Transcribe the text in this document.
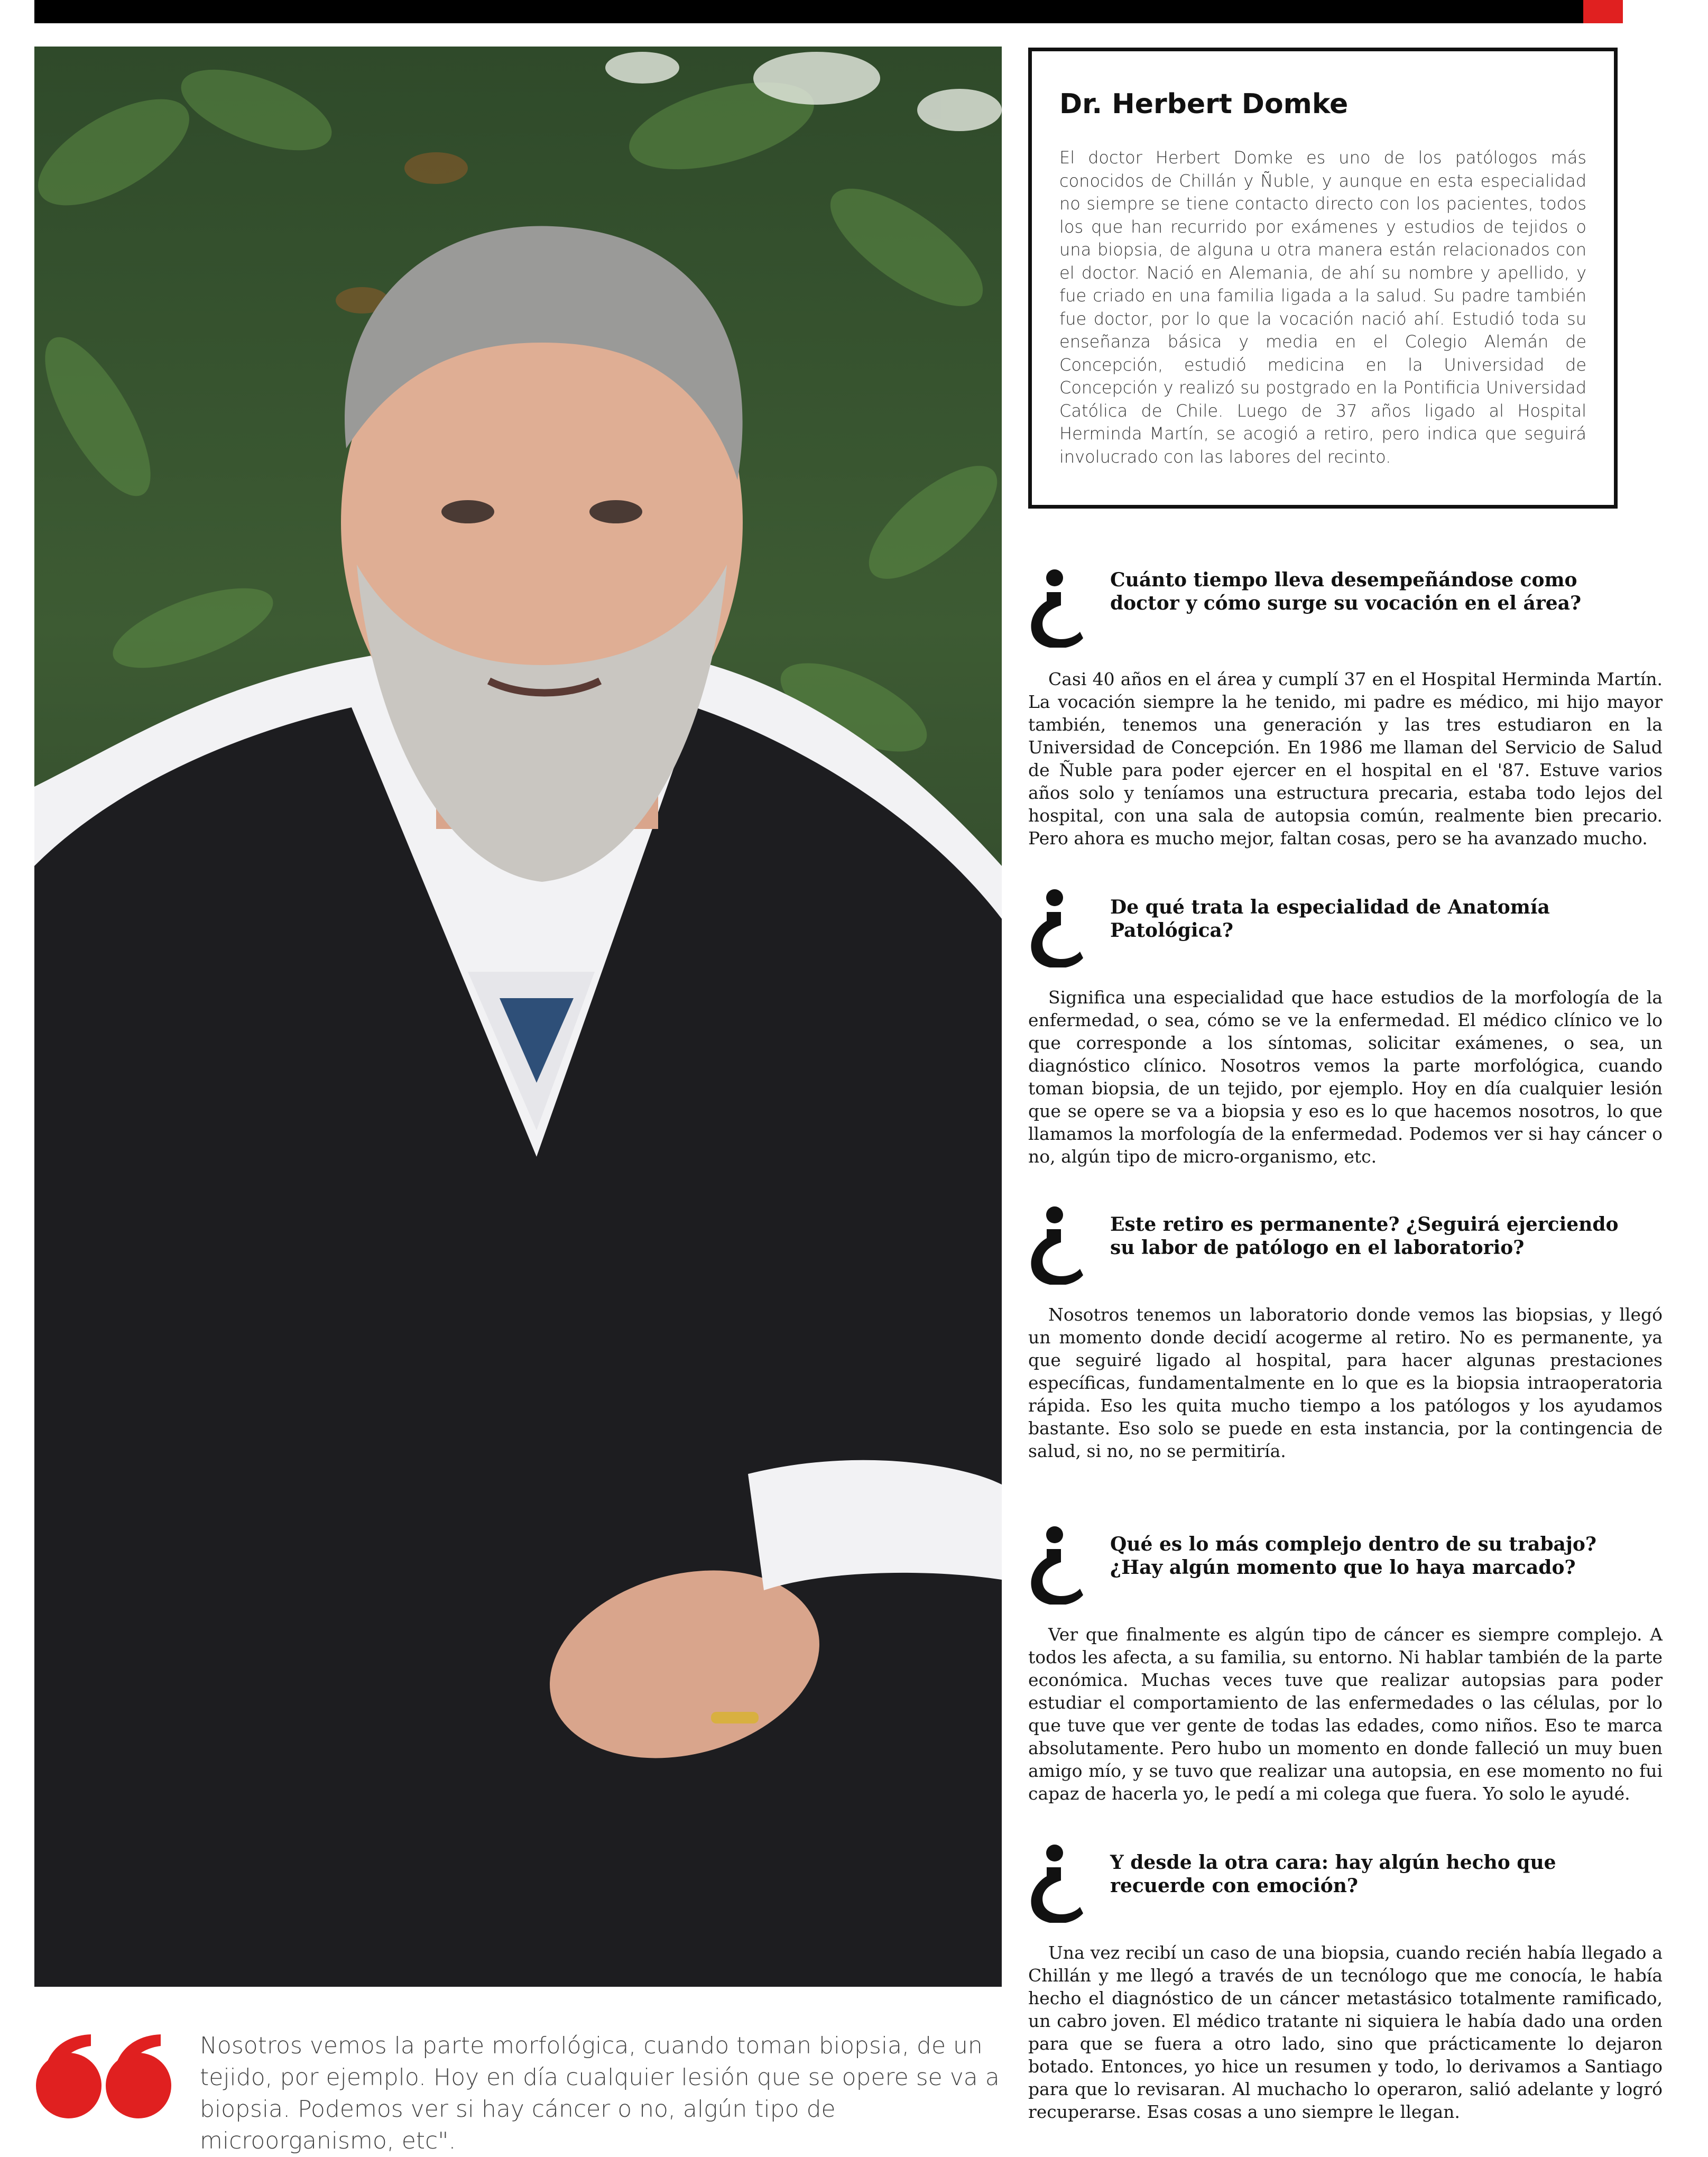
Dr. Herbert Domke

El doctor Herbert Domke es uno de los patólogos más conocidos de Chillán y Ñuble, y aunque en esta especialidad no siempre se tiene contacto directo con los pacientes, todos los que han recurrido por exámenes y estudios de tejidos o una biopsia, de alguna u otra manera están relacionados con el doctor. Nació en Alemania, de ahí su nombre y apellido, y fue criado en una familia ligada a la salud. Su padre también fue doctor, por lo que la vocación nació ahí. Estudió toda su enseñanza básica y media en el Colegio Alemán de Concepción, estudió medicina en la Universidad de Concepción y realizó su postgrado en la Pontificia Universidad Católica de Chile. Luego de 37 años ligado al Hospital Herminda Martín, se acogió a retiro, pero indica que seguirá involucrado con las labores del recinto.

Cuánto tiempo lleva desempeñándose como doctor y cómo surge su vocación en el área?

Casi 40 años en el área y cumplí 37 en el Hospital Herminda Martín. La vocación siempre la he tenido, mi padre es médico, mi hijo mayor también, tenemos una generación y las tres estudiaron en la Universidad de Concepción. En 1986 me llaman del Servicio de Salud de Ñuble para poder ejercer en el hospital en el '87. Estuve varios años solo y teníamos una estructura precaria, estaba todo lejos del hospital, con una sala de autopsia común, realmente bien precario. Pero ahora es mucho mejor, faltan cosas, pero se ha avanzado mucho.

De qué trata la especialidad de Anatomía Patológica?

Significa una especialidad que hace estudios de la morfología de la enfermedad, o sea, cómo se ve la enfermedad. El médico clínico ve lo que corresponde a los síntomas, solicitar exámenes, o sea, un diagnóstico clínico. Nosotros vemos la parte morfológica, cuando toman biopsia, de un tejido, por ejemplo. Hoy en día cualquier lesión que se opere se va a biopsia y eso es lo que hacemos nosotros, lo que llamamos la morfología de la enfermedad. Podemos ver si hay cáncer o no, algún tipo de micro-organismo, etc.

Este retiro es permanente? ¿Seguirá ejerciendo su labor de patólogo en el laboratorio?

Nosotros tenemos un laboratorio donde vemos las biopsias, y llegó un momento donde decidí acogerme al retiro. No es permanente, ya que seguiré ligado al hospital, para hacer algunas prestaciones específicas, fundamentalmente en lo que es la biopsia intraoperatoria rápida. Eso les quita mucho tiempo a los patólogos y los ayudamos bastante. Eso solo se puede en esta instancia, por la contingencia de salud, si no, no se permitiría.

Qué es lo más complejo dentro de su trabajo? ¿Hay algún momento que lo haya marcado?

Ver que finalmente es algún tipo de cáncer es siempre complejo. A todos les afecta, a su familia, su entorno. Ni hablar también de la parte económica. Muchas veces tuve que realizar autopsias para poder estudiar el comportamiento de las enfermedades o las células, por lo que tuve que ver gente de todas las edades, como niños. Eso te marca absolutamente. Pero hubo un momento en donde falleció un muy buen amigo mío, y se tuvo que realizar una autopsia, en ese momento no fui capaz de hacerla yo, le pedí a mi colega que fuera. Yo solo le ayudé.

Y desde la otra cara: hay algún hecho que recuerde con emoción?

Una vez recibí un caso de una biopsia, cuando recién había llegado a Chillán y me llegó a través de un tecnólogo que me conocía, le había hecho el diagnóstico de un cáncer metastásico totalmente ramificado, un cabro joven. El médico tratante ni siquiera le había dado una orden para que se fuera a otro lado, sino que prácticamente lo dejaron botado. Entonces, yo hice un resumen y todo, lo derivamos a Santiago para que lo revisaran. Al muchacho lo operaron, salió adelante y logró recuperarse. Esas cosas a uno siempre le llegan.

Nosotros vemos la parte morfológica, cuando toman biopsia, de un tejido, por ejemplo. Hoy en día cualquier lesión que se opere se va a biopsia. Podemos ver si hay cáncer o no, algún tipo de microorganismo, etc".
